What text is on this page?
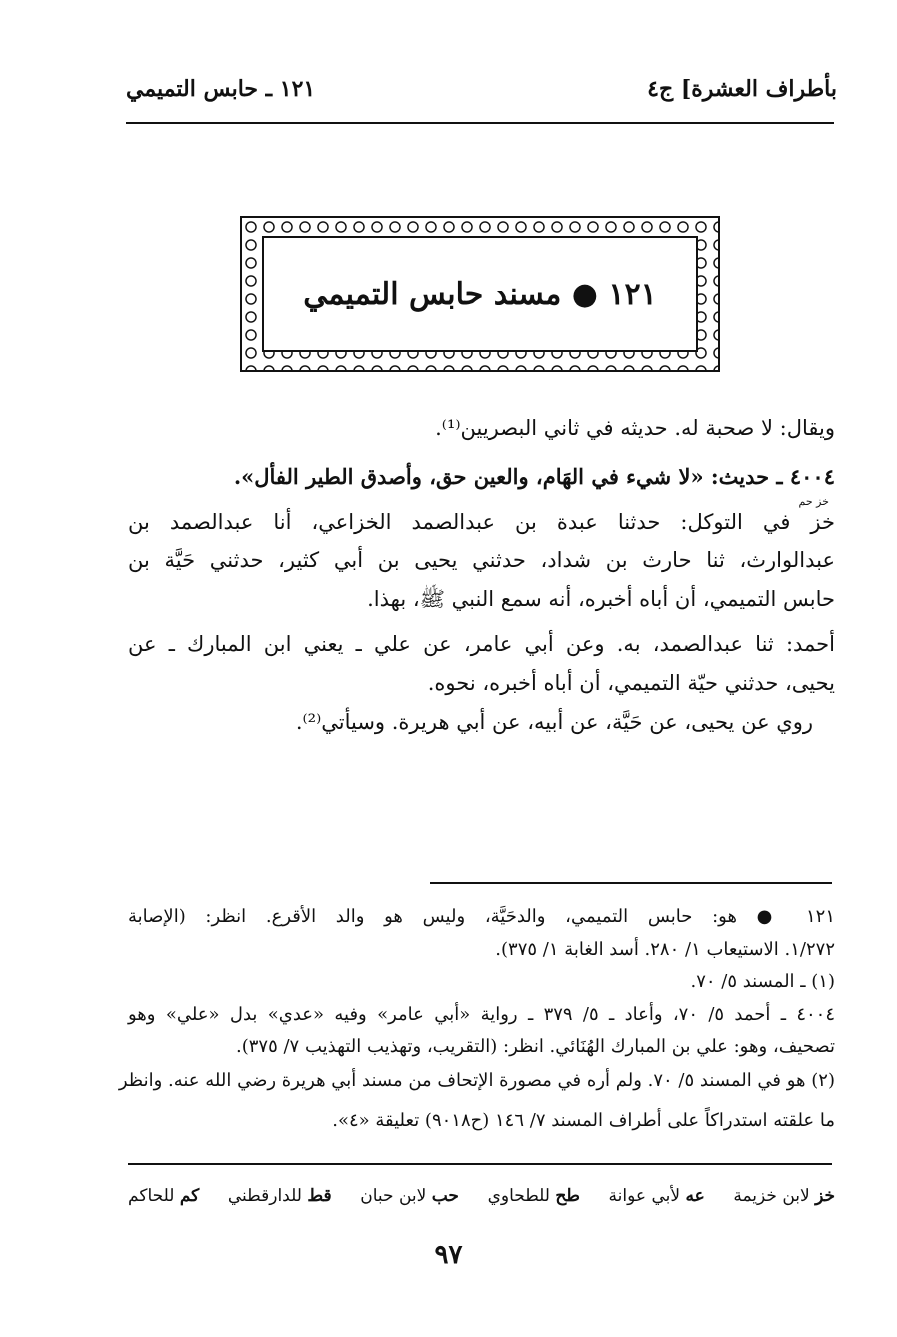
بأطراف العشرة] ج٤
١٢١ ـ حابس التميمي
١٢١ ● مسند حابس التميمي
ويقال: لا صحبة له. حديثه في ثاني البصريين⁽¹⁾.
٤٠٠٤ ـ حديث: «لا شيء في الهَام، والعين حق، وأصدق الطير الفأل».
خز حم
خز في التوكل: حدثنا عبدة بن عبدالصمد الخزاعي، أنا عبدالصمد بن
عبدالوارث، ثنا حارث بن شداد، حدثني يحيى بن أبي كثير، حدثني حَيَّة بن
حابس التميمي، أن أباه أخبره، أنه سمع النبي ﷺ، بهذا.
أحمد: ثنا عبدالصمد، به. وعن أبي عامر، عن علي ـ يعني ابن المبارك ـ عن
يحيى، حدثني حيّة التميمي، أن أباه أخبره، نحوه.
روي عن يحيى، عن حَيَّة، عن أبيه، عن أبي هريرة. وسيأتي⁽²⁾.
١٢١ ● هو: حابس التميمي، والدحَيَّة، وليس هو والد الأقرع. انظر: (الإصابة
١/٢٧٢. الاستيعاب ١/ ٢٨٠. أسد الغابة ١/ ٣٧٥).
(١) ـ المسند ٥/ ٧٠.
٤٠٠٤ ـ أحمد ٥/ ٧٠، وأعاد ـ ٥/ ٣٧٩ ـ رواية «أبي عامر» وفيه «عدي» بدل «علي» وهو
تصحيف، وهو: علي بن المبارك الهُنَائي. انظر: (التقريب، وتهذيب التهذيب ٧/ ٣٧٥).
(٢) هو في المسند ٥/ ٧٠. ولم أره في مصورة الإتحاف من مسند أبي هريرة رضي الله عنه. وانظر
ما علقته استدراكاً على أطراف المسند ٧/ ١٤٦ (ح٩٠١٨) تعليقة «٤».
خز لابن خزيمة
عه لأبي عوانة
طح للطحاوي
حب لابن حبان
قط للدارقطني
كم للحاكم
٩٧
